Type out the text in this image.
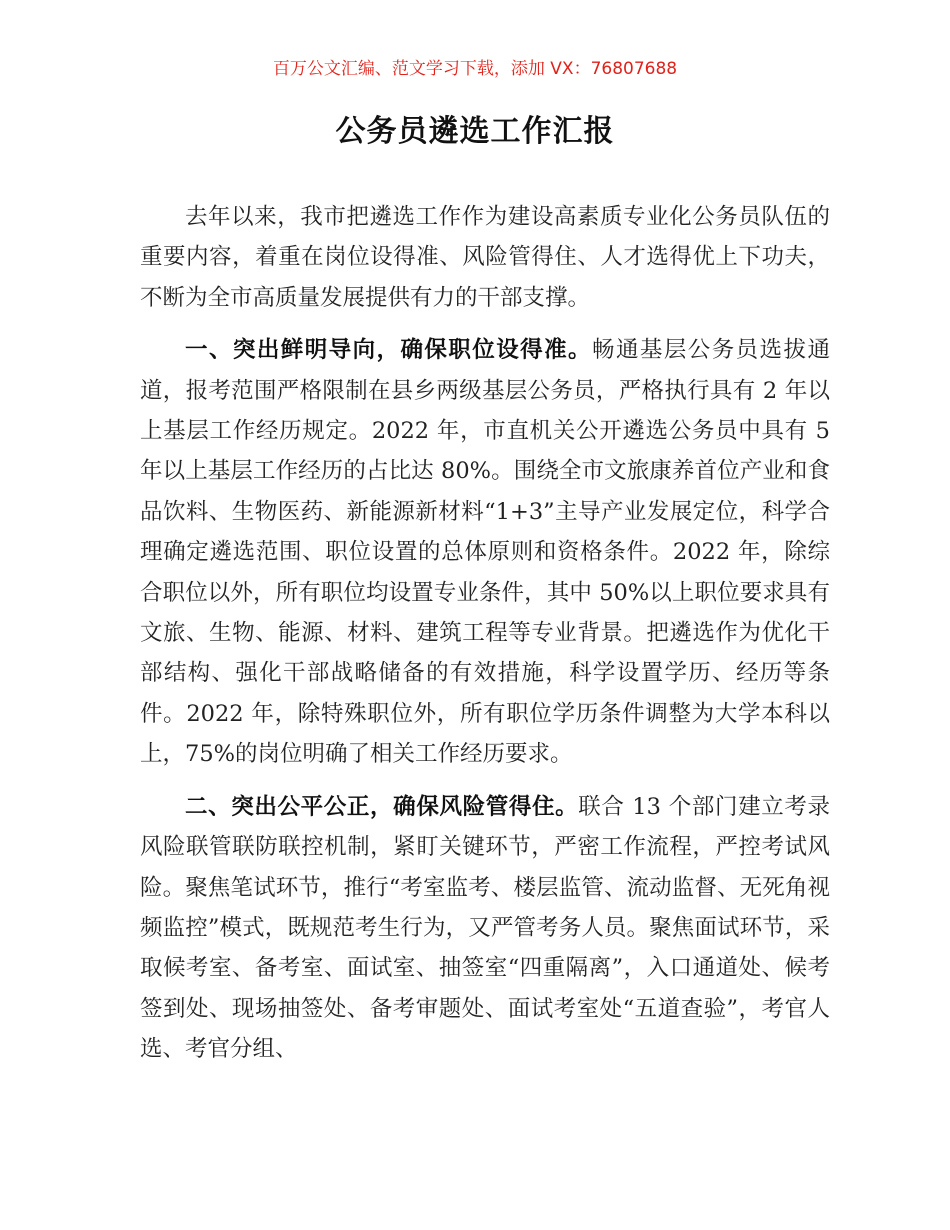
百万公文汇编、范文学习下载，添加 VX：76807688
公务员遴选工作汇报

去年以来，我市把遴选工作作为建设高素质专业化公务员队伍的重要内容，着重在岗位设得准、风险管得住、人才选得优上下功夫，不断为全市高质量发展提供有力的干部支撑。

一、突出鲜明导向，确保职位设得准。畅通基层公务员选拔通道，报考范围严格限制在县乡两级基层公务员，严格执行具有 2 年以上基层工作经历规定。2022 年，市直机关公开遴选公务员中具有 5 年以上基层工作经历的占比达 80%。围绕全市文旅康养首位产业和食品饮料、生物医药、新能源新材料“1+3”主导产业发展定位，科学合理确定遴选范围、职位设置的总体原则和资格条件。2022 年，除综合职位以外，所有职位均设置专业条件，其中 50%以上职位要求具有文旅、生物、能源、材料、建筑工程等专业背景。把遴选作为优化干部结构、强化干部战略储备的有效措施，科学设置学历、经历等条件。2022 年，除特殊职位外，所有职位学历条件调整为大学本科以上，75%的岗位明确了相关工作经历要求。

二、突出公平公正，确保风险管得住。联合 13 个部门建立考录风险联管联防联控机制，紧盯关键环节，严密工作流程，严控考试风险。聚焦笔试环节，推行“考室监考、楼层监管、流动监督、无死角视频监控”模式，既规范考生行为，又严管考务人员。聚焦面试环节，采取候考室、备考室、面试室、抽签室“四重隔离”，入口通道处、候考签到处、现场抽签处、备考审题处、面试考室处“五道查验”，考官人选、考官分组、
